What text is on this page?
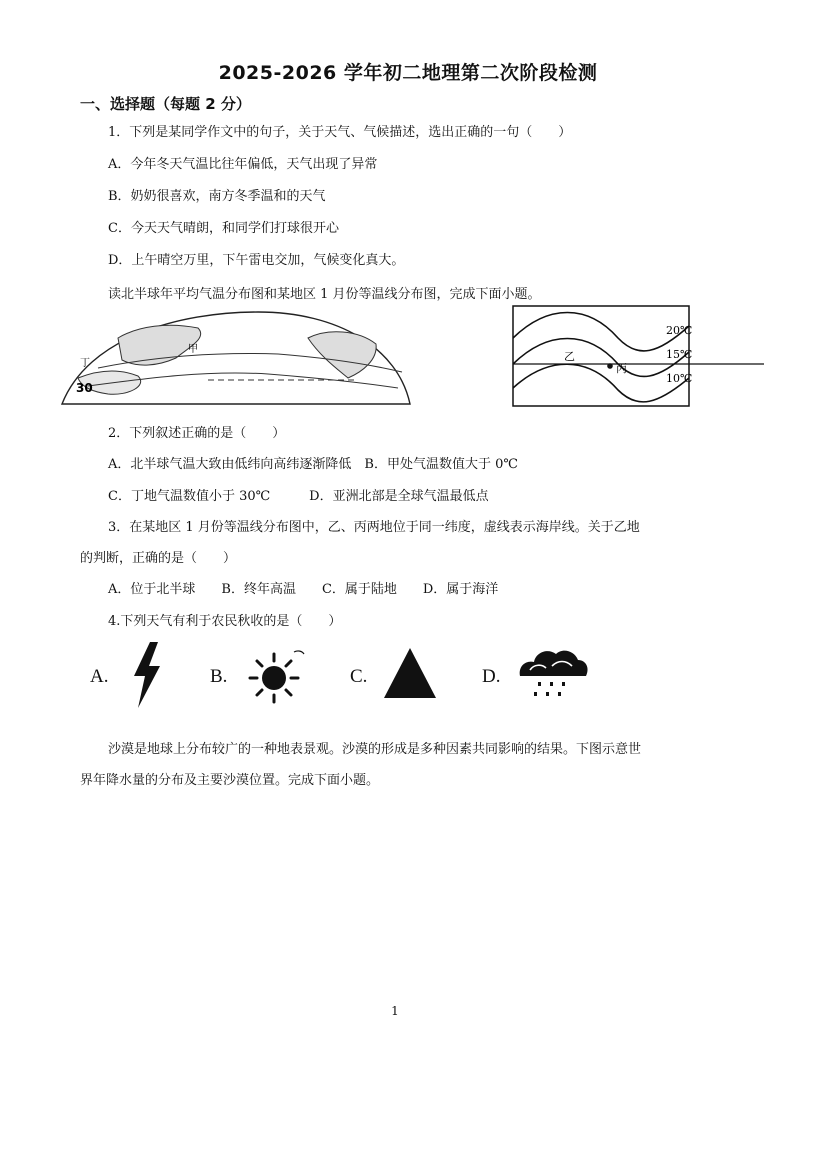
2025-2026 学年初二地理第二次阶段检测
一、选择题（每题 2 分）
1．下列是某同学作文中的句子，关于天气、气候描述，选出正确的一句（　　）
A．今年冬天气温比往年偏低，天气出现了异常
B．奶奶很喜欢，南方冬季温和的天气
C．今天天气晴朗，和同学们打球很开心
D．上午晴空万里，下午雷电交加，气候变化真大。
读北半球年平均气温分布图和某地区 1 月份等温线分布图，完成下面小题。
甲
丁
30
乙
丙
20℃
15℃
10℃
2．下列叙述正确的是（　　）
A．北半球气温大致由低纬向高纬逐渐降低　B．甲处气温数值大于 0℃
C．丁地气温数值小于 30℃　　　D．亚洲北部是全球气温最低点
3．在某地区 1 月份等温线分布图中，乙、丙两地位于同一纬度，虚线表示海岸线。关于乙地
的判断，正确的是（　　）
A．位于北半球　　B．终年高温　　C．属于陆地　　D．属于海洋
4.下列天气有利于农民秋收的是（　　）
A.	B.	C.	D.
沙漠是地球上分布较广的一种地表景观。沙漠的形成是多种因素共同影响的结果。下图示意世
界年降水量的分布及主要沙漠位置。完成下面小题。
1
